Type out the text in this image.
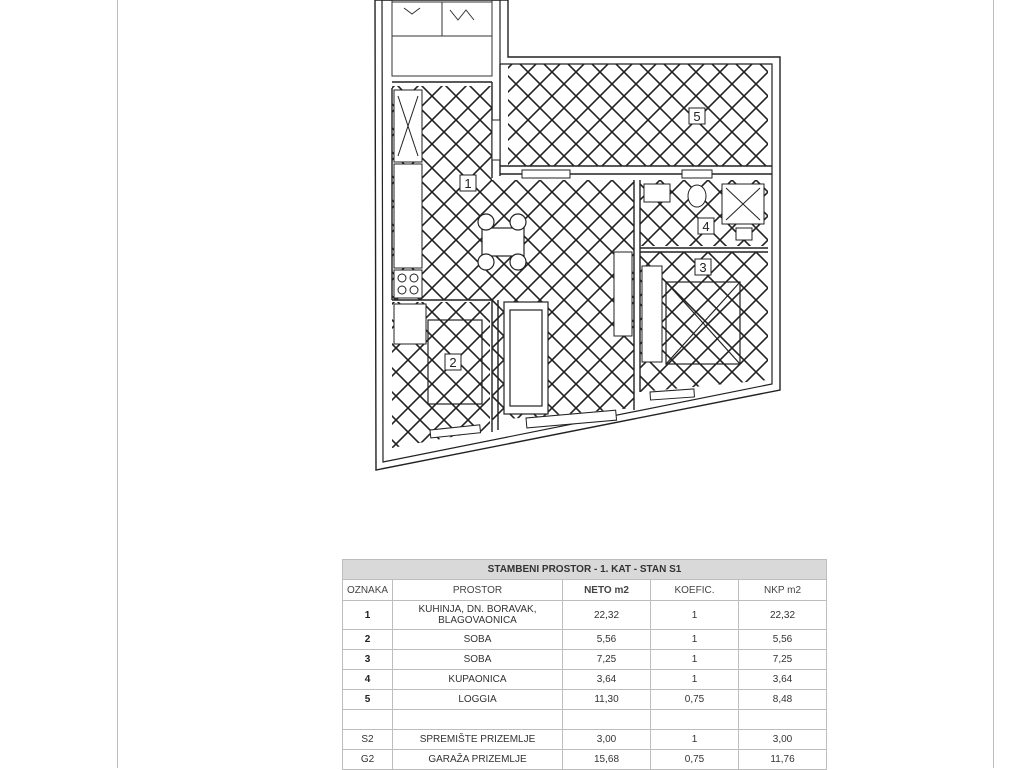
1
2
3
4
5
STAMBENI PROSTOR - 1. KAT - STAN S1				
OZNAKA	PROSTOR	NETO m2	KOEFIC.	NKP m2
1	KUHINJA, DN. BORAVAK, BLAGOVAONICA	22,32	1	22,32
2	SOBA	5,56	1	5,56
3	SOBA	7,25	1	7,25
4	KUPAONICA	3,64	1	3,64
5	LOGGIA	11,30	0,75	8,48

S2	SPREMIŠTE PRIZEMLJE	3,00	1	3,00
G2	GARAŽA PRIZEMLJE	15,68	0,75	11,76
